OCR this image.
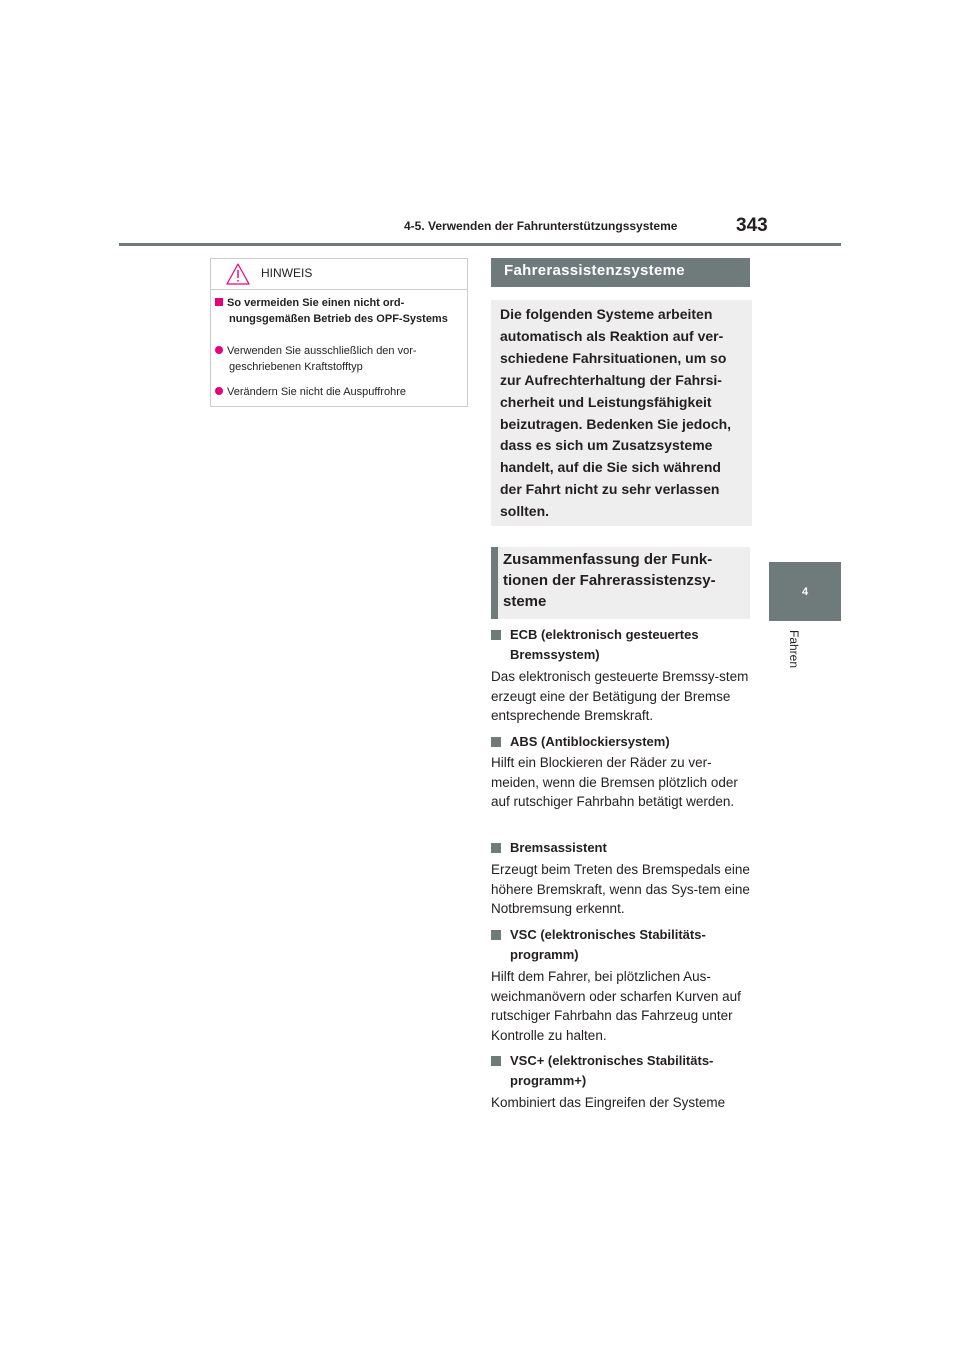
4-5. Verwenden der Fahrunterstützungssysteme	343
4
Fahren
HINWEIS
So vermeiden Sie einen nicht ord-nungsgemäßen Betrieb des OPF-Systems
Verwenden Sie ausschließlich den vor-geschriebenen Kraftstofftyp
Verändern Sie nicht die Auspuffrohre
Fahrerassistenzsysteme
Die folgenden Systeme arbeiten automatisch als Reaktion auf ver-schiedene Fahrsituationen, um so zur Aufrechterhaltung der Fahrsi-cherheit und Leistungsfähigkeit beizutragen. Bedenken Sie jedoch, dass es sich um Zusatzsysteme handelt, auf die Sie sich während der Fahrt nicht zu sehr verlassen sollten.
Zusammenfassung der Funk-tionen der Fahrerassistenzsy-steme
ECB (elektronisch gesteuertes Bremssystem)
Das elektronisch gesteuerte Bremssy-stem erzeugt eine der Betätigung der Bremse entsprechende Bremskraft.
ABS (Antiblockiersystem)
Hilft ein Blockieren der Räder zu ver-meiden, wenn die Bremsen plötzlich oder auf rutschiger Fahrbahn betätigt werden.
Bremsassistent
Erzeugt beim Treten des Bremspedals eine höhere Bremskraft, wenn das Sys-tem eine Notbremsung erkennt.
VSC (elektronisches Stabilitäts-programm)
Hilft dem Fahrer, bei plötzlichen Aus-weichmanövern oder scharfen Kurven auf rutschiger Fahrbahn das Fahrzeug unter Kontrolle zu halten.
VSC+ (elektronisches Stabilitäts-programm+)
Kombiniert das Eingreifen der Systeme
